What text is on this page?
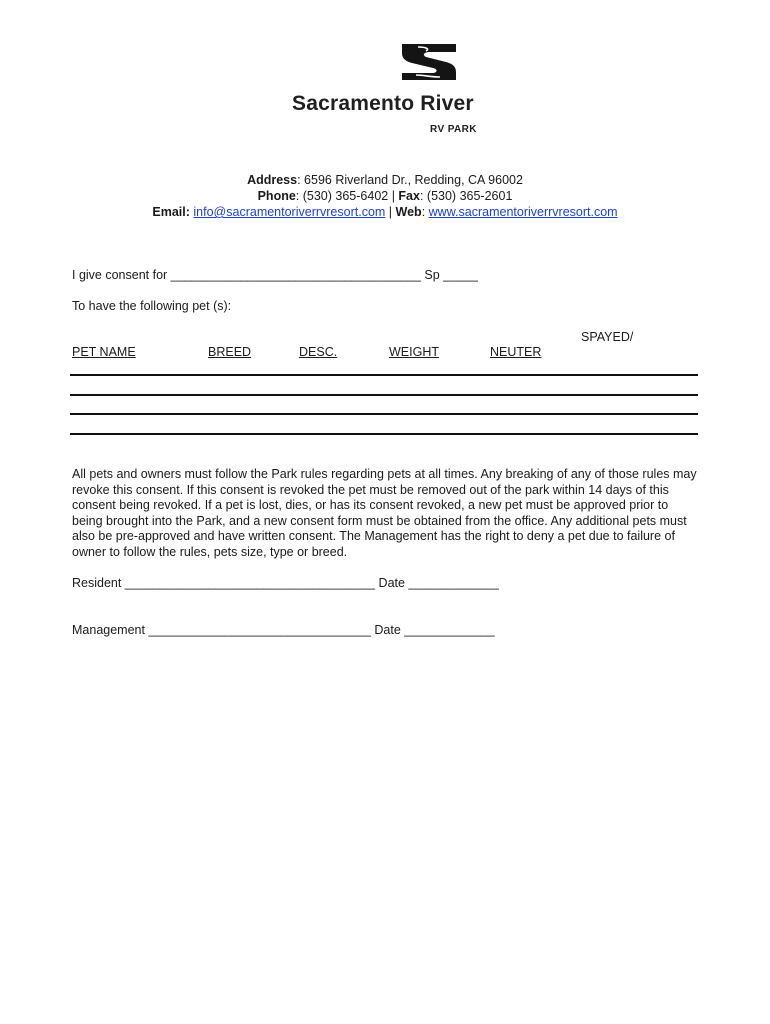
Sacramento River
RV PARK
Address: 6596 Riverland Dr., Redding, CA 96002
Phone: (530) 365-6402 | Fax: (530) 365-2601
Email: info@sacramentoriverrvresort.com | Web: www.sacramentoriverrvresort.com
I give consent for ____________________________________ Sp _____
To have the following pet (s):
SPAYED/
PET NAME	BREED	DESC.	WEIGHT	NEUTER
All pets and owners must follow the Park rules regarding pets at all times. Any breaking of any of those rules may revoke this consent. If this consent is revoked the pet must be removed out of the park within 14 days of this consent being revoked. If a pet is lost, dies, or has its consent revoked, a new pet must be approved prior to being brought into the Park, and a new consent form must be obtained from the office. Any additional pets must also be pre-approved and have written consent. The Management has the right to deny a pet due to failure of owner to follow the rules, pets size, type or breed.
Resident ____________________________________ Date _____________
Management ________________________________ Date _____________
